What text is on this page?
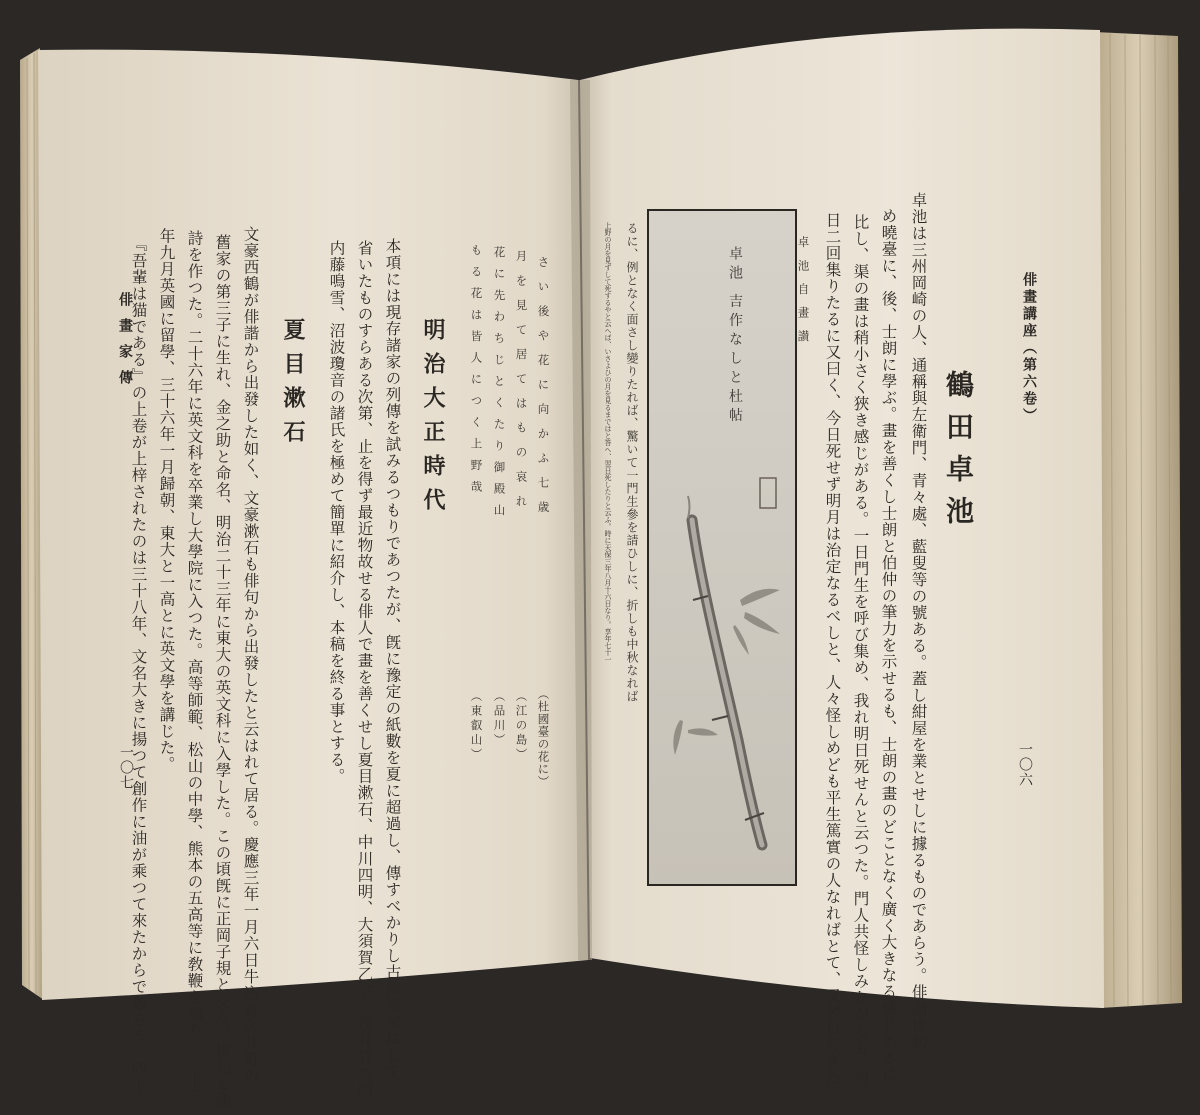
俳畫講座（第六卷）
一〇六
鶴田卓池
卓池は三州岡崎の人、通稱與左衛門、青々處、藍叟等の號ある。蓋し紺屋を業とせしに據るものであらう。俳諧は初
め曉臺に、後、士朗に學ぶ。畫を善くし士朗と伯仲の筆力を示せるも、士朗の畫のどことなく廣く大きなる感じあるに
比し、渠の畫は稍小さく狹き感じがある。一日門生を呼び集め、我れ明日死せんと云つた。門人共怪しみながらも、翌
日二回集りたるに又曰く、今日死せず明月は治定なるべしと、人々怪しめども平生篤實の人なればとて、又翌日行きた
卓池自畫讃
るに、例となく面さし變りたれば、驚いて一門生參を請ひしに、折しも中秋なれば
上野の月を見ずして死するやと云へば、いさよひの月を見るまではと答へ、翌日死したりと云ふ。時に天保三年八月十六日なり。享年七十一	卓池 吉作なしと杜帖
俳畫家傳
一〇七
さい後や花に向かふ七歳
月を見て居てはもの哀れ
花に先わちじとくたり御殿山
もる花は皆人につく上野哉
（杜國臺の花に）
（江の島）
（品川）
（東叡山）
明治大正時代
本項には現存諸家の列傳を試みるつもりであつたが、旣に豫定の紙數を夏に超過し、傳すべかりし古俳畫家にして
省いたものすらある次第、止を得ず最近物故せる俳人で畫を善くせし夏目漱石、中川四明、大須賀乙字、筏井竹の門、
内藤鳴雪、沼波瓊音の諸氏を極めて簡單に紹介し、本稿を終る事とする。
夏目漱石
文豪西鶴が俳諧から出發した如く、文豪漱石も俳句から出發したと云はれて居る。慶應三年一月六日牛込喜久井町の
舊家の第三子に生れ、金之助と命名、明治二十三年に東大の英文科に入學した。この頃旣に正岡子規と交り、俳句と漢
詩を作つた。二十六年に英文科を卒業し大學院に入つた。高等師範、松山の中學、熊本の五高等に敎鞭を執り、三十三
年九月英國に留學、三十六年一月歸朝、東大と一高とに英文學を講じた。
『吾輩は猫である』の上卷が上梓されたのは三十八年、文名大きに揚つて創作に油が乘つて來たからであらう。四十
